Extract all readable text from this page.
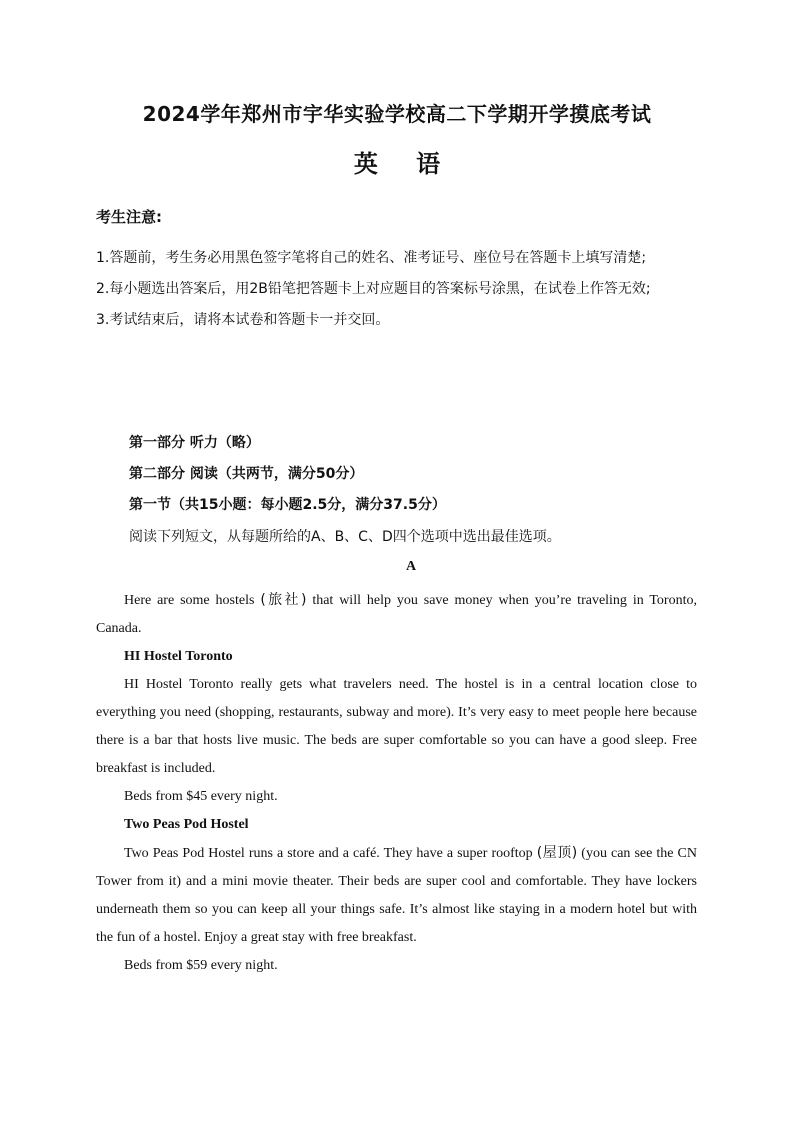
2024学年郑州市宇华实验学校高二下学期开学摸底考试
英 语
考生注意:
1.答题前，考生务必用黑色签字笔将自己的姓名、准考证号、座位号在答题卡上填写清楚;
2.每小题选出答案后，用2B铅笔把答题卡上对应题目的答案标号涂黑，在试卷上作答无效;
3.考试结束后，请将本试卷和答题卡一并交回。
第一部分 听力（略）
第二部分 阅读（共两节，满分50分）
第一节（共15小题：每小题2.5分，满分37.5分）
阅读下列短文，从每题所给的A、B、C、D四个选项中选出最佳选项。
A
Here are some hostels (旅社) that will help you save money when you’re traveling in Toronto, Canada.
HI Hostel Toronto
HI Hostel Toronto really gets what travelers need. The hostel is in a central location close to everything you need (shopping, restaurants, subway and more). It’s very easy to meet people here because there is a bar that hosts live music. The beds are super comfortable so you can have a good sleep. Free breakfast is included.
Beds from $45 every night.
Two Peas Pod Hostel
Two Peas Pod Hostel runs a store and a café. They have a super rooftop (屋顶) (you can see the CN Tower from it) and a mini movie theater. Their beds are super cool and comfortable. They have lockers underneath them so you can keep all your things safe. It’s almost like staying in a modern hotel but with the fun of a hostel. Enjoy a great stay with free breakfast.
Beds from $59 every night.
